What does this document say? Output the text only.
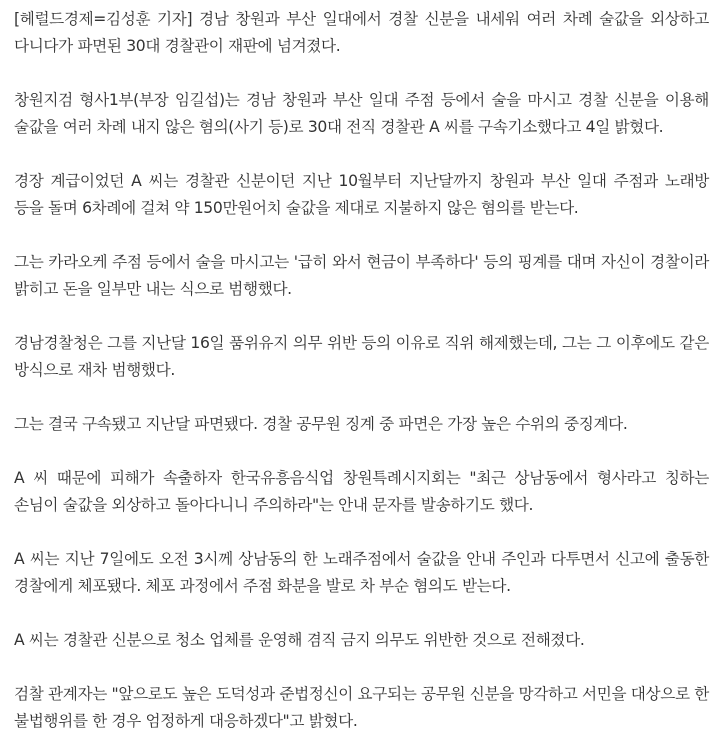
[헤럴드경제=김성훈 기자] 경남 창원과 부산 일대에서 경찰 신분을 내세워 여러 차례 술값을 외상하고 다니다가 파면된 30대 경찰관이 재판에 넘겨졌다.

창원지검 형사1부(부장 임길섭)는 경남 창원과 부산 일대 주점 등에서 술을 마시고 경찰 신분을 이용해 술값을 여러 차례 내지 않은 혐의(사기 등)로 30대 전직 경찰관 A 씨를 구속기소했다고 4일 밝혔다.

경장 계급이었던 A 씨는 경찰관 신분이던 지난 10월부터 지난달까지 창원과 부산 일대 주점과 노래방 등을 돌며 6차례에 걸쳐 약 150만원어치 술값을 제대로 지불하지 않은 혐의를 받는다.

그는 카라오케 주점 등에서 술을 마시고는 '급히 와서 현금이 부족하다' 등의 핑계를 대며 자신이 경찰이라 밝히고 돈을 일부만 내는 식으로 범행했다.

경남경찰청은 그를 지난달 16일 품위유지 의무 위반 등의 이유로 직위 해제했는데, 그는 그 이후에도 같은 방식으로 재차 범행했다.

그는 결국 구속됐고 지난달 파면됐다. 경찰 공무원 징계 중 파면은 가장 높은 수위의 중징계다.

A 씨 때문에 피해가 속출하자 한국유흥음식업 창원특례시지회는 "최근 상남동에서 형사라고 칭하는 손님이 술값을 외상하고 돌아다니니 주의하라"는 안내 문자를 발송하기도 했다.

A 씨는 지난 7일에도 오전 3시께 상남동의 한 노래주점에서 술값을 안내 주인과 다투면서 신고에 출동한 경찰에게 체포됐다. 체포 과정에서 주점 화분을 발로 차 부순 혐의도 받는다.

A 씨는 경찰관 신분으로 청소 업체를 운영해 겸직 금지 의무도 위반한 것으로 전해졌다.

검찰 관계자는 "앞으로도 높은 도덕성과 준법정신이 요구되는 공무원 신분을 망각하고 서민을 대상으로 한 불법행위를 한 경우 엄정하게 대응하겠다"고 밝혔다.
